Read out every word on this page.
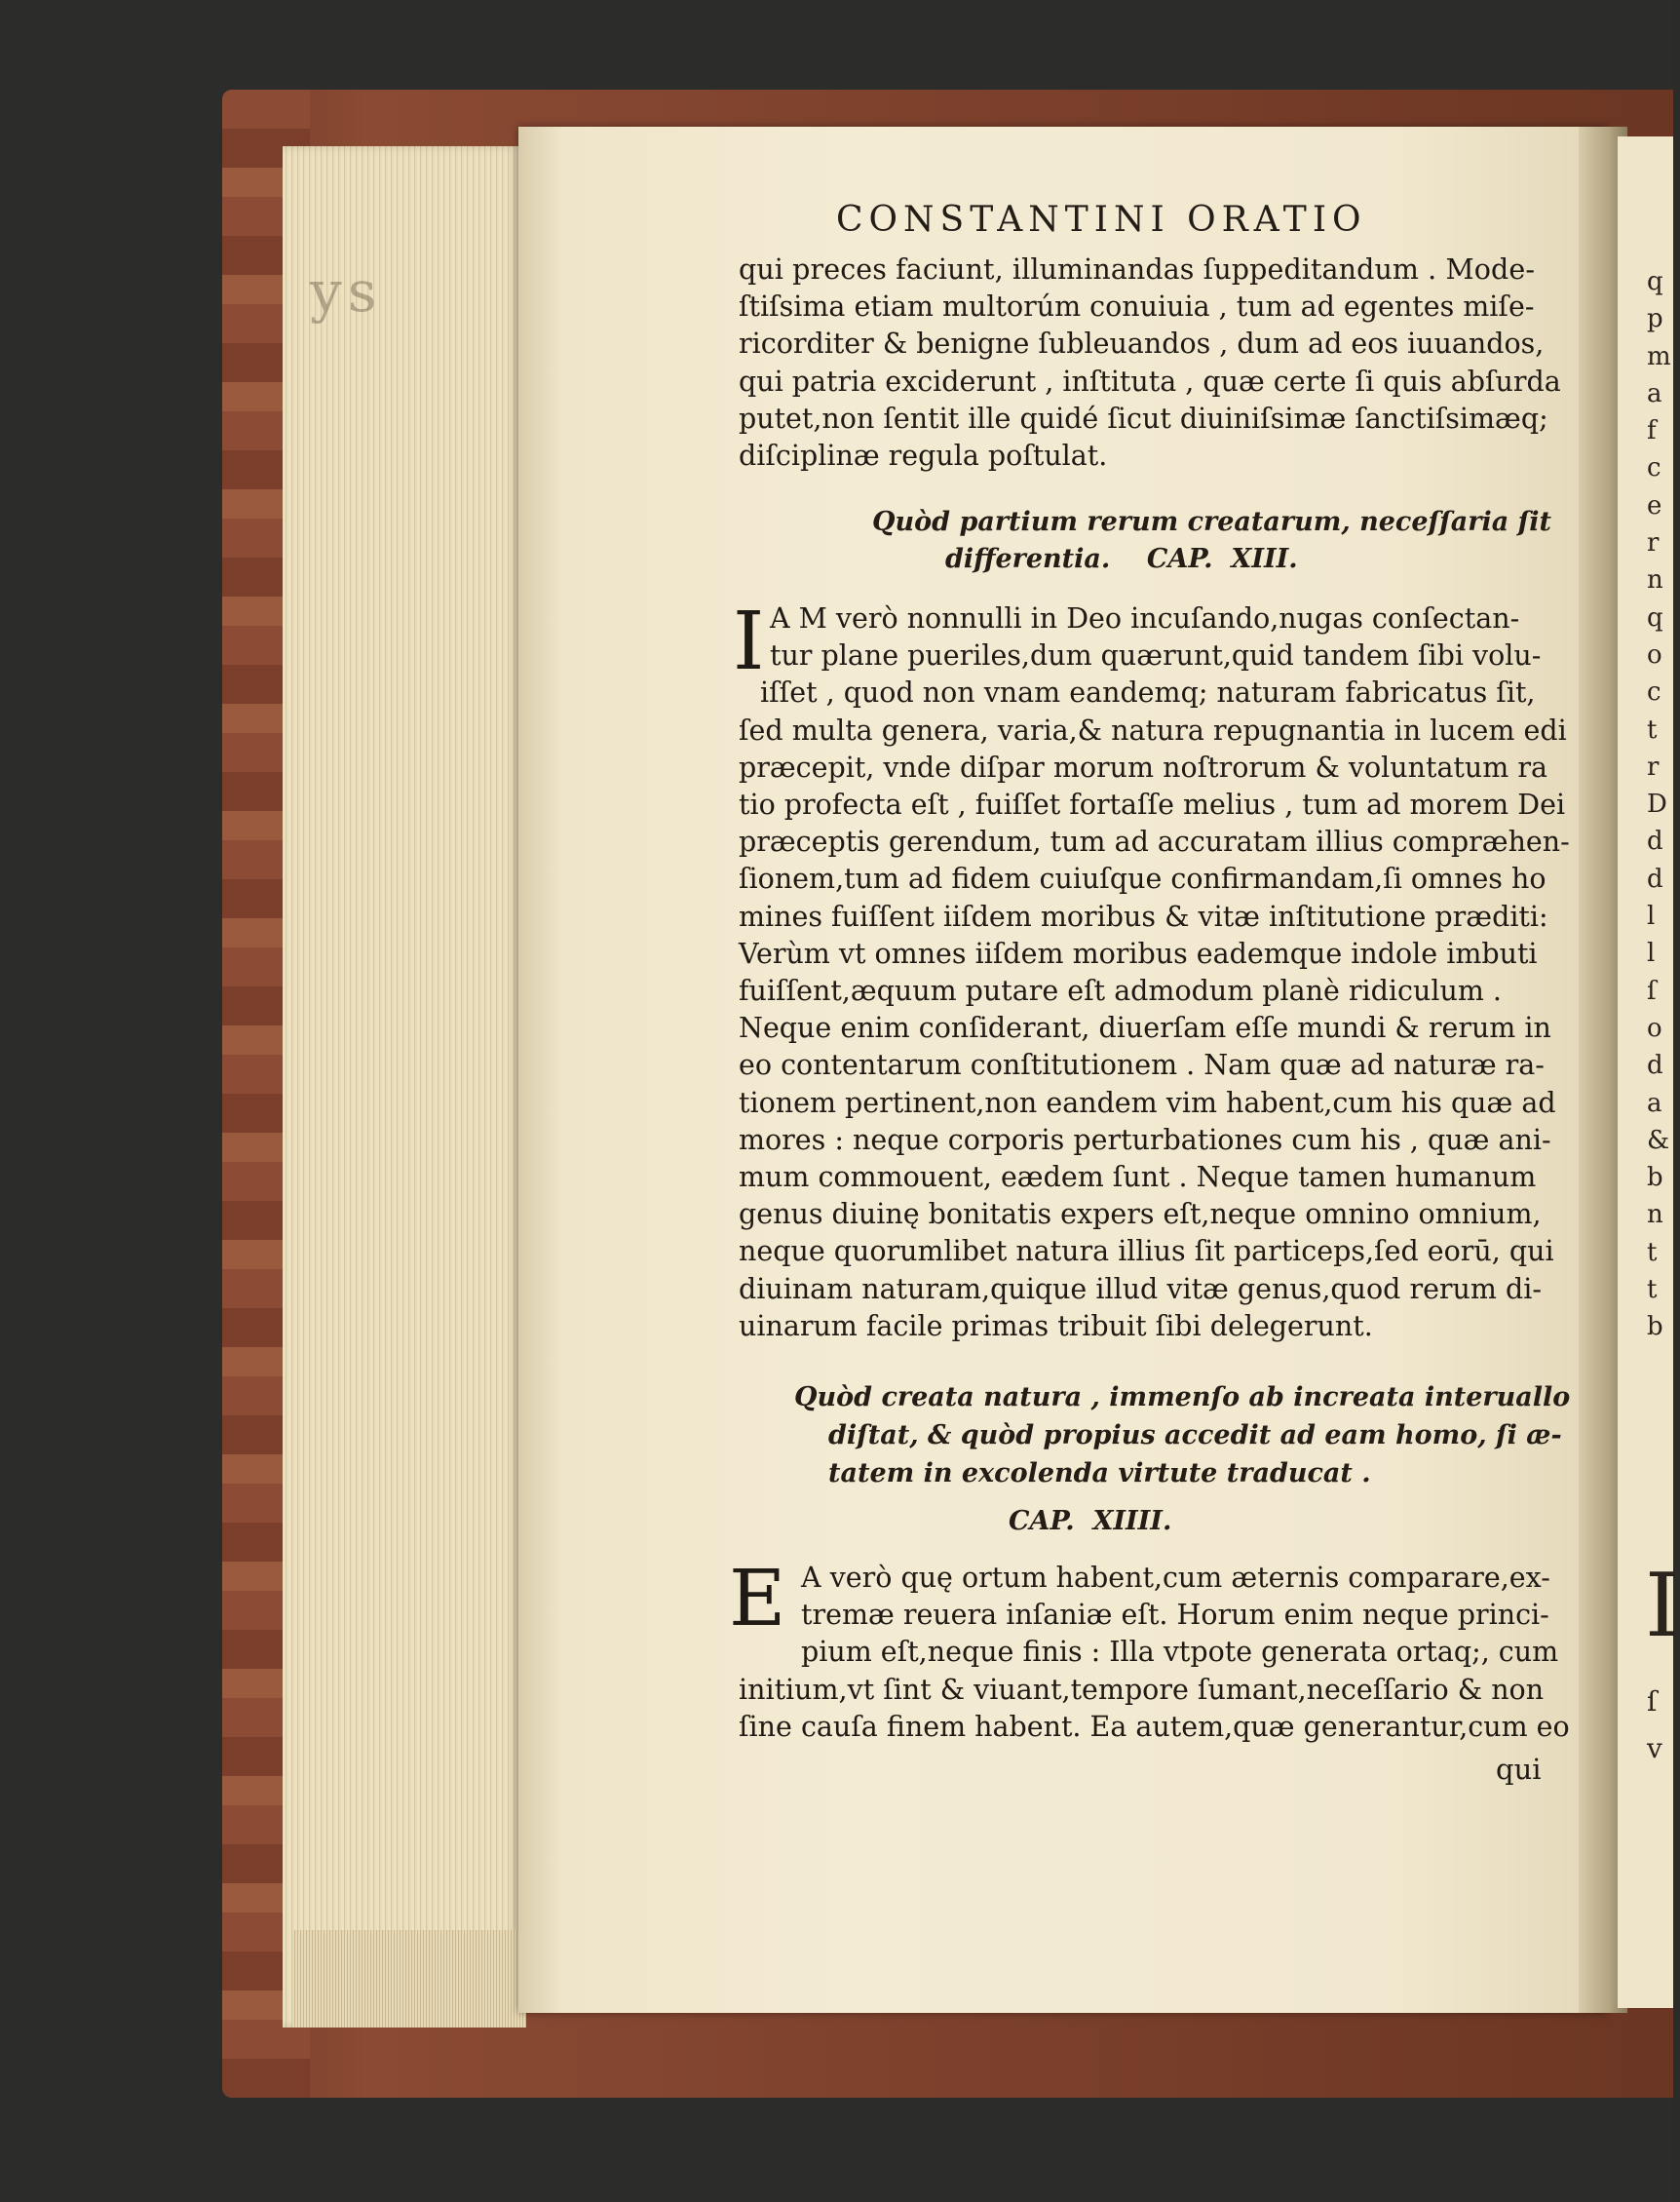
ys	q
p
m
a
f
c
e
r
n
q
o
c
t
r
D
d
d
l
l
ſ
o
d
a
&
b
n
t
t
b
I
ſ
v
CONSTANTINI ORATIO
qui preces faciunt, illuminandas ſuppeditandum . Mode-
ſtiſsima etiam multorúm conuiuia , tum ad egentes miſe-
ricorditer & benigne ſubleuandos , dum ad eos iuuandos,
qui patria exciderunt , inſtituta , quæ certe ſi quis abſurda
putet,non ſentit ille quidé ſicut diuiniſsimæ ſanctiſsimæq;
diſciplinæ regula poſtulat.
Quòd partium rerum creatarum, neceſſaria ſit
differentia.    CAP.  XIII.
I A M verò nonnulli in Deo incuſando,nugas conſectan-
tur plane pueriles,dum quærunt,quid tandem ſibi volu-
iſſet , quod non vnam eandemq; naturam fabricatus ſit,
ſed multa genera, varia,& natura repugnantia in lucem edi
præcepit, vnde diſpar morum noſtrorum & voluntatum ra
tio profecta eſt , fuiſſet fortaſſe melius , tum ad morem Dei
præceptis gerendum, tum ad accuratam illius compræhen-
ſionem,tum ad fidem cuiuſque confirmandam,ſi omnes ho
mines fuiſſent iiſdem moribus & vitæ inſtitutione præditi:
Verùm vt omnes iiſdem moribus eademque indole imbuti
fuiſſent,æquum putare eſt admodum planè ridiculum .
Neque enim conſiderant, diuerſam eſſe mundi & rerum in
eo contentarum conſtitutionem . Nam quæ ad naturæ ra-
tionem pertinent,non eandem vim habent,cum his quæ ad
mores : neque corporis perturbationes cum his , quæ ani-
mum commouent, eædem ſunt . Neque tamen humanum
genus diuinę bonitatis expers eſt,neque omnino omnium,
neque quorumlibet natura illius ſit particeps,ſed eorū, qui
diuinam naturam,quique illud vitæ genus,quod rerum di-
uinarum facile primas tribuit ſibi delegerunt.
Quòd creata natura , immenſo ab increata interuallo
diſtat, & quòd propius accedit ad eam homo, ſi æ-
tatem in excolenda virtute traducat .
CAP.  XIIII.
E A verò quę ortum habent,cum æternis comparare,ex-
tremæ reuera inſaniæ eſt. Horum enim neque princi-
pium eſt,neque finis : Illa vtpote generata ortaq;, cum
initium,vt ſint & viuant,tempore ſumant,neceſſario & non
ſine cauſa finem habent. Ea autem,quæ generantur,cum eo
qui
